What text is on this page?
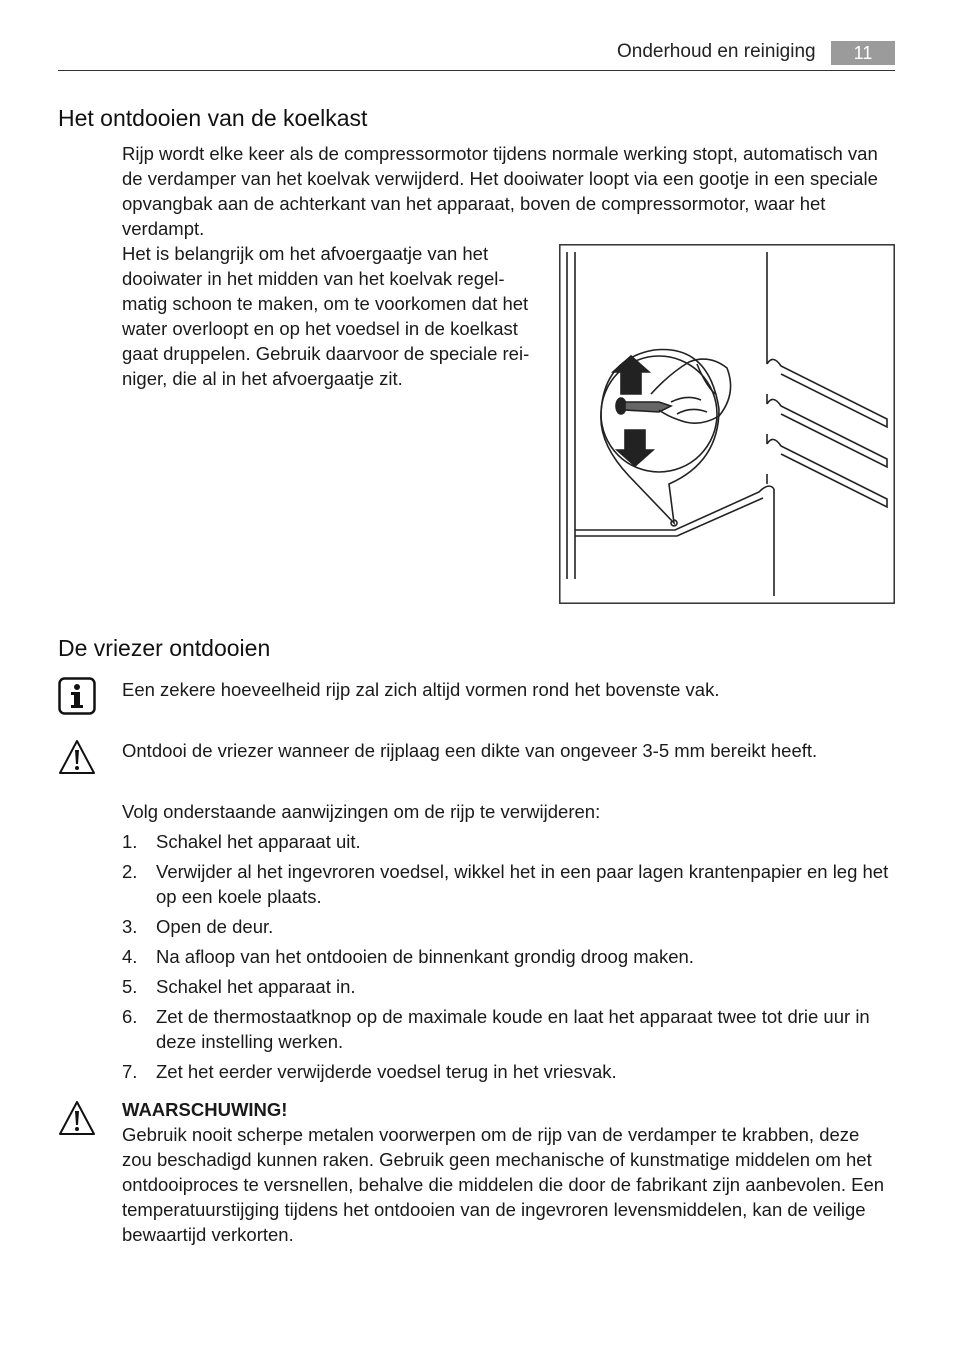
Onderhoud en reiniging	11
Het ontdooien van de koelkast

Rijp wordt elke keer als de compressormotor tijdens normale werking stopt, automatisch van de verdamper van het koelvak verwijderd. Het dooiwater loopt via een gootje in een speciale opvangbak aan de achterkant van het apparaat, boven de compressormotor, waar het verdampt.

Het is belangrijk om het afvoergaatje van het dooiwater in het midden van het koelvak regel-matig schoon te maken, om te voorkomen dat het water overloopt en op het voedsel in de koelkast gaat druppelen. Gebruik daarvoor de speciale rei-niger, die al in het afvoergaatje zit.

De vriezer ontdooien

Een zekere hoeveelheid rijp zal zich altijd vormen rond het bovenste vak.

Ontdooi de vriezer wanneer de rijplaag een dikte van ongeveer 3-5 mm bereikt heeft.

Volg onderstaande aanwijzingen om de rijp te verwijderen:

1. Schakel het apparaat uit.
2. Verwijder al het ingevroren voedsel, wikkel het in een paar lagen krantenpapier en leg het op een koele plaats.
3. Open de deur.
4. Na afloop van het ontdooien de binnenkant grondig droog maken.
5. Schakel het apparaat in.
6. Zet de thermostaatknop op de maximale koude en laat het apparaat twee tot drie uur in deze instelling werken.
7. Zet het eerder verwijderde voedsel terug in het vriesvak.

WAARSCHUWING!
Gebruik nooit scherpe metalen voorwerpen om de rijp van de verdamper te krabben, deze zou beschadigd kunnen raken. Gebruik geen mechanische of kunstmatige middelen om het ontdooiproces te versnellen, behalve die middelen die door de fabrikant zijn aanbevolen. Een temperatuurstijging tijdens het ontdooien van de ingevroren levensmiddelen, kan de veilige bewaartijd verkorten.
